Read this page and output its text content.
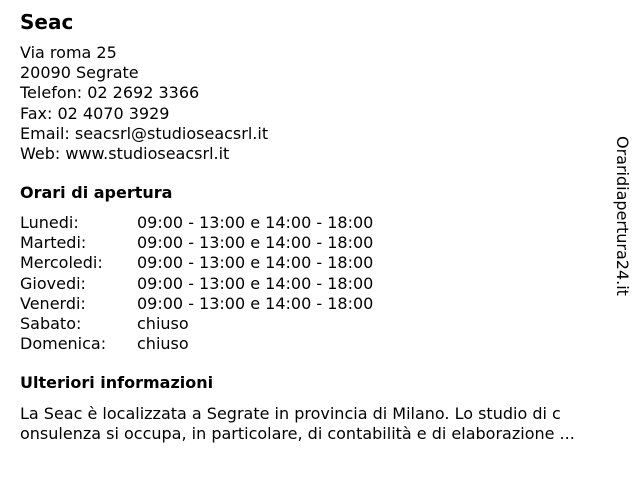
Seac
Via roma 25
20090 Segrate
Telefon: 02 2692 3366
Fax: 02 4070 3929
Email: seacsrl@studioseacsrl.it
Web: www.studioseacsrl.it
Orari di apertura
Lunedi:	09:00 - 13:00 e 14:00 - 18:00
Martedi:	09:00 - 13:00 e 14:00 - 18:00
Mercoledi: 09:00 - 13:00 e 14:00 - 18:00
Giovedi:	09:00 - 13:00 e 14:00 - 18:00
Venerdi:	09:00 - 13:00 e 14:00 - 18:00
Sabato:	chiuso
Domenica: chiuso
Ulteriori informazioni
La Seac è localizzata a Segrate in provincia di Milano. Lo studio di c
onsulenza si occupa, in particolare, di contabilità e di elaborazione ...
Oraridiapertura24.it
